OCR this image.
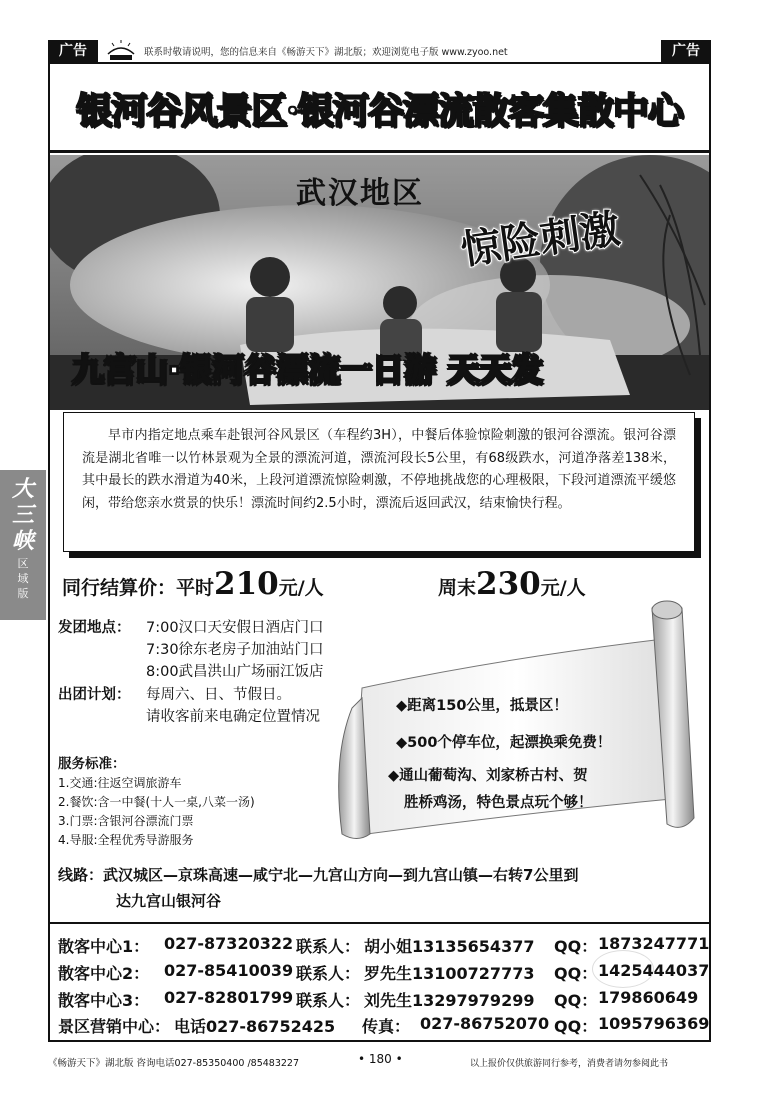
广告	联系时敬请说明，您的信息来自《畅游天下》湖北版；欢迎浏览电子版 www.zyoo.net	广告
银河谷风景区·银河谷漂流散客集散中心
武汉地区
惊险刺激
九宫山·银河谷漂流一日游 天天发
早市内指定地点乘车赴银河谷风景区（车程约3H），中餐后体验惊险刺激的银河谷漂流。银河谷漂流是湖北省唯一以竹林景观为全景的漂流河道，漂流河段长5公里，有68级跌水，河道净落差138米，其中最长的跌水滑道为40米，上段河道漂流惊险刺激，不停地挑战您的心理极限，下段河道漂流平缓悠闲，带给您亲水赏景的快乐！漂流时间约2.5小时，漂流后返回武汉，结束愉快行程。
大三峡
区域版 同行结算价：平时210元/人	周末230元/人
发团地点： 7:00汉口天安假日酒店门口
7:30徐东老房子加油站门口
8:00武昌洪山广场丽江饭店
出团计划： 每周六、日、节假日。
请收客前来电确定位置情况
服务标准：
1.交通:往返空调旅游车
2.餐饮:含一中餐(十人一桌,八菜一汤)
3.门票:含银河谷漂流门票
4.导服:全程优秀导游服务
◆距离150公里，抵景区！
◆500个停车位，起漂换乘免费！
◆通山葡萄沟、刘家桥古村、贺
胜桥鸡汤，特色景点玩个够！
线路：武汉城区—京珠高速—咸宁北—九宫山方向—到九宫山镇—右转7公里到
达九宫山银河谷
散客中心1： 027-87320322 联系人： 胡小姐13135654377 QQ： 1873247771
散客中心2： 027-85410039 联系人： 罗先生13100727773 QQ： 1425444037
散客中心3： 027-82801799 联系人： 刘先生13297979299 QQ： 179860649
景区营销中心： 电话027-86752425 传真： 027-86752070 QQ： 1095796369
《畅游天下》湖北版 咨询电话027-85350400 /85483227	• 180 •	以上报价仅供旅游同行参考，消费者请勿参阅此书
